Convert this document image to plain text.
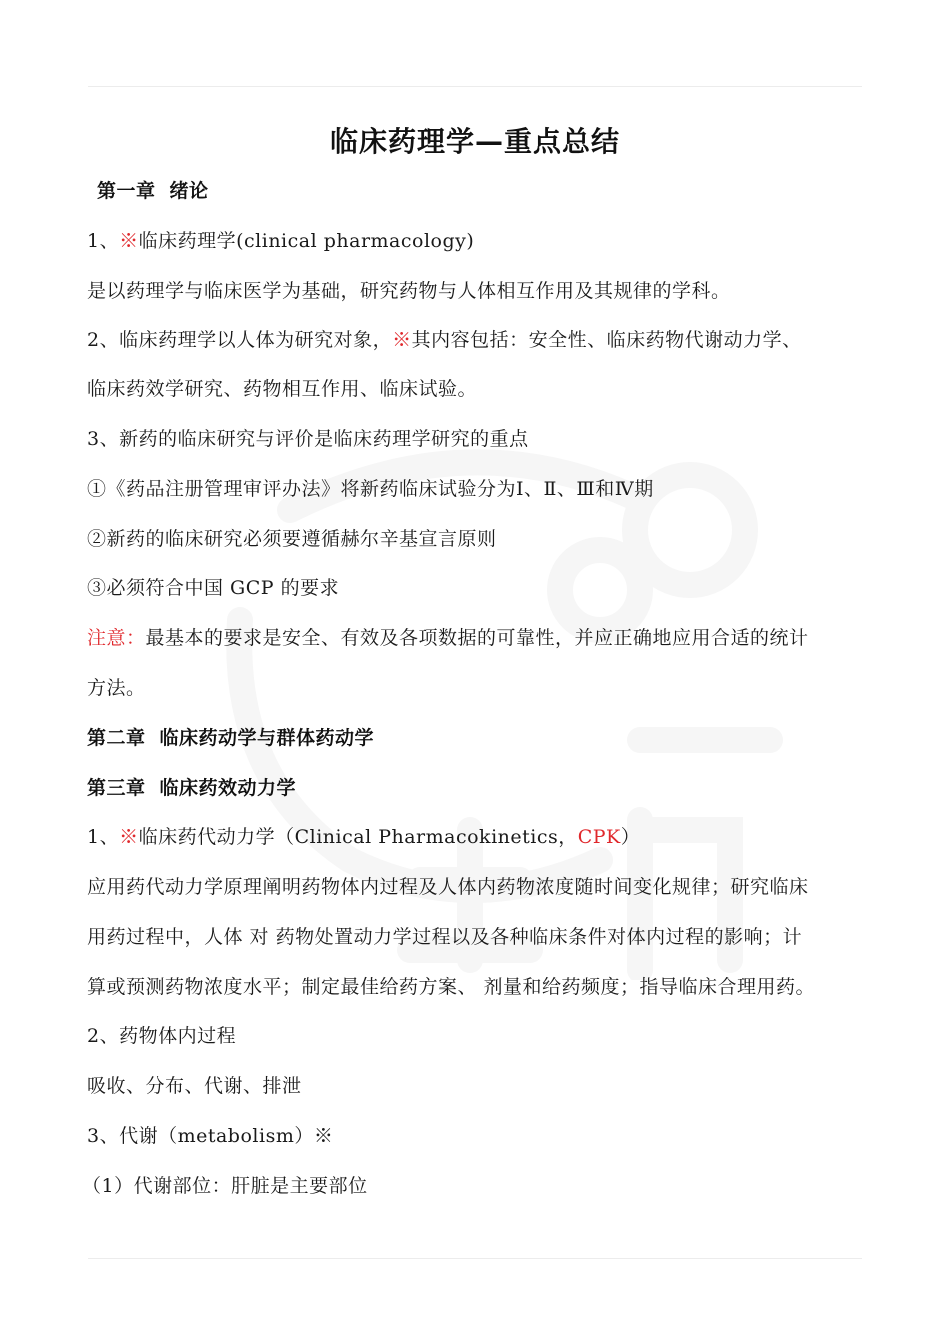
临床药理学—重点总结
第一章 绪论
1、※临床药理学(clinical pharmacology)
是以药理学与临床医学为基础，研究药物与人体相互作用及其规律的学科。
2、临床药理学以人体为研究对象，※其内容包括：安全性、临床药物代谢动力学、
临床药效学研究、药物相互作用、临床试验。
3、新药的临床研究与评价是临床药理学研究的重点
①《药品注册管理审评办法》将新药临床试验分为Ⅰ、Ⅱ、Ⅲ和Ⅳ期
②新药的临床研究必须要遵循赫尔辛基宣言原则
③必须符合中国 GCP 的要求
注意：最基本的要求是安全、有效及各项数据的可靠性，并应正确地应用合适的统计
方法。
第二章 临床药动学与群体药动学
第三章 临床药效动力学
1、※临床药代动力学（Clinical Pharmacokinetics，CPK）
应用药代动力学原理阐明药物体内过程及人体内药物浓度随时间变化规律；研究临床
用药过程中，人体 对 药物处置动力学过程以及各种临床条件对体内过程的影响；计
算或预测药物浓度水平；制定最佳给药方案、 剂量和给药频度；指导临床合理用药。
2、药物体内过程
吸收、分布、代谢、排泄
3、代谢（metabolism）※
（1）代谢部位：肝脏是主要部位
